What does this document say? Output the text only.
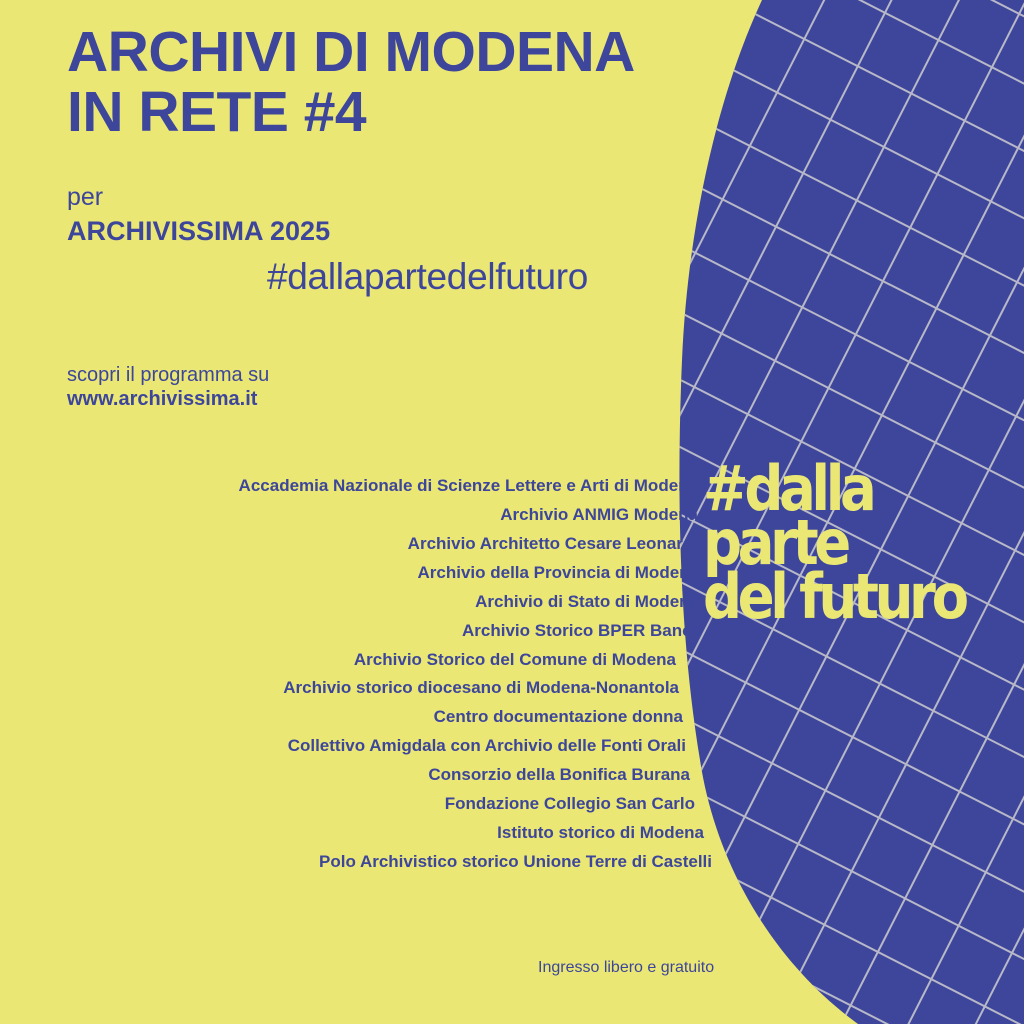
ARCHIVI DI MODENA
IN RETE #4
per
ARCHIVISSIMA 2025
#dallapartedelfuturo
scopri il programma su
www.archivissima.it
Accademia Nazionale di Scienze Lettere e Arti di Modena
Archivio ANMIG Modena
Archivio Architetto Cesare Leonardi
Archivio della Provincia di Modena
Archivio di Stato di Modena
Archivio Storico BPER Banca
Archivio Storico del Comune di Modena
Archivio storico diocesano di Modena-Nonantola
Centro documentazione donna
Collettivo Amigdala con Archivio delle Fonti Orali
Consorzio della Bonifica Burana
Fondazione Collegio San Carlo
Istituto storico di Modena
Polo Archivistico storico Unione Terre di Castelli
#dalla
parte
del futuro
Ingresso libero e gratuito
